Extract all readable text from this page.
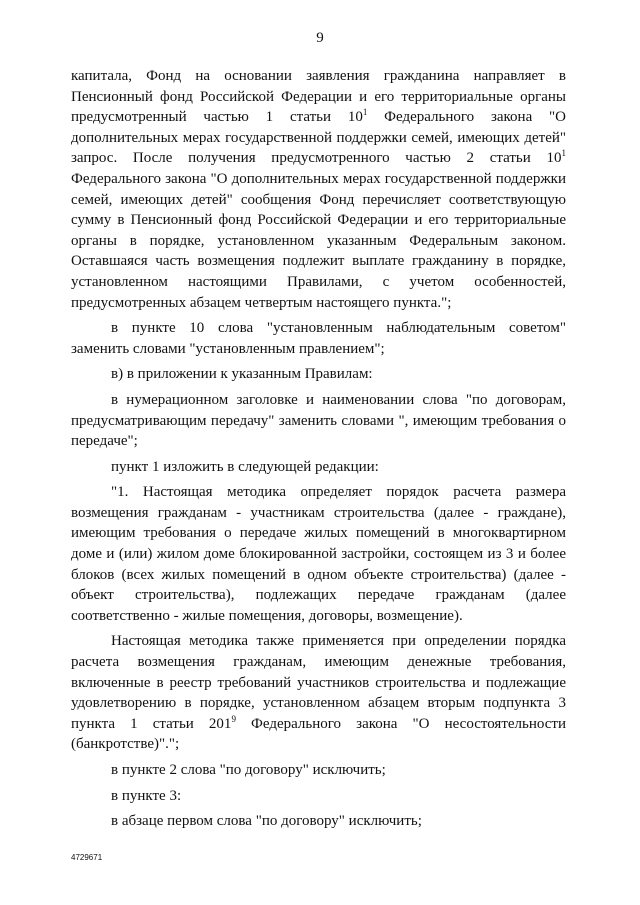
9

капитала, Фонд на основании заявления гражданина направляет в Пенсионный фонд Российской Федерации и его территориальные органы предусмотренный частью 1 статьи $10^1$ Федерального закона "О дополнительных мерах государственной поддержки семей, имеющих детей" запрос. После получения предусмотренного частью 2 статьи $10^1$ Федерального закона "О дополнительных мерах государственной поддержки семей, имеющих детей" сообщения Фонд перечисляет соответствующую сумму в Пенсионный фонд Российской Федерации и его территориальные органы в порядке, установленном указанным Федеральным законом. Оставшаяся часть возмещения подлежит выплате гражданину в порядке, установленном настоящими Правилами, с учетом особенностей, предусмотренных абзацем четвертым настоящего пункта.";

в пункте 10 слова "установленным наблюдательным советом" заменить словами "установленным правлением";

в) в приложении к указанным Правилам:

в нумерационном заголовке и наименовании слова "по договорам, предусматривающим передачу" заменить словами ", имеющим требования о передаче";

пункт 1 изложить в следующей редакции:

"1. Настоящая методика определяет порядок расчета размера возмещения гражданам - участникам строительства (далее - граждане), имеющим требования о передаче жилых помещений в многоквартирном доме и (или) жилом доме блокированной застройки, состоящем из 3 и более блоков (всех жилых помещений в одном объекте строительства) (далее - объект строительства), подлежащих передаче гражданам (далее соответственно - жилые помещения, договоры, возмещение).

Настоящая методика также применяется при определении порядка расчета возмещения гражданам, имеющим денежные требования, включенные в реестр требований участников строительства и подлежащие удовлетворению в порядке, установленном абзацем вторым подпункта 3 пункта 1 статьи $201^9$ Федерального закона "О несостоятельности (банкротстве)".";

в пункте 2 слова "по договору" исключить;

в пункте 3:

в абзаце первом слова "по договору" исключить;

4729671
